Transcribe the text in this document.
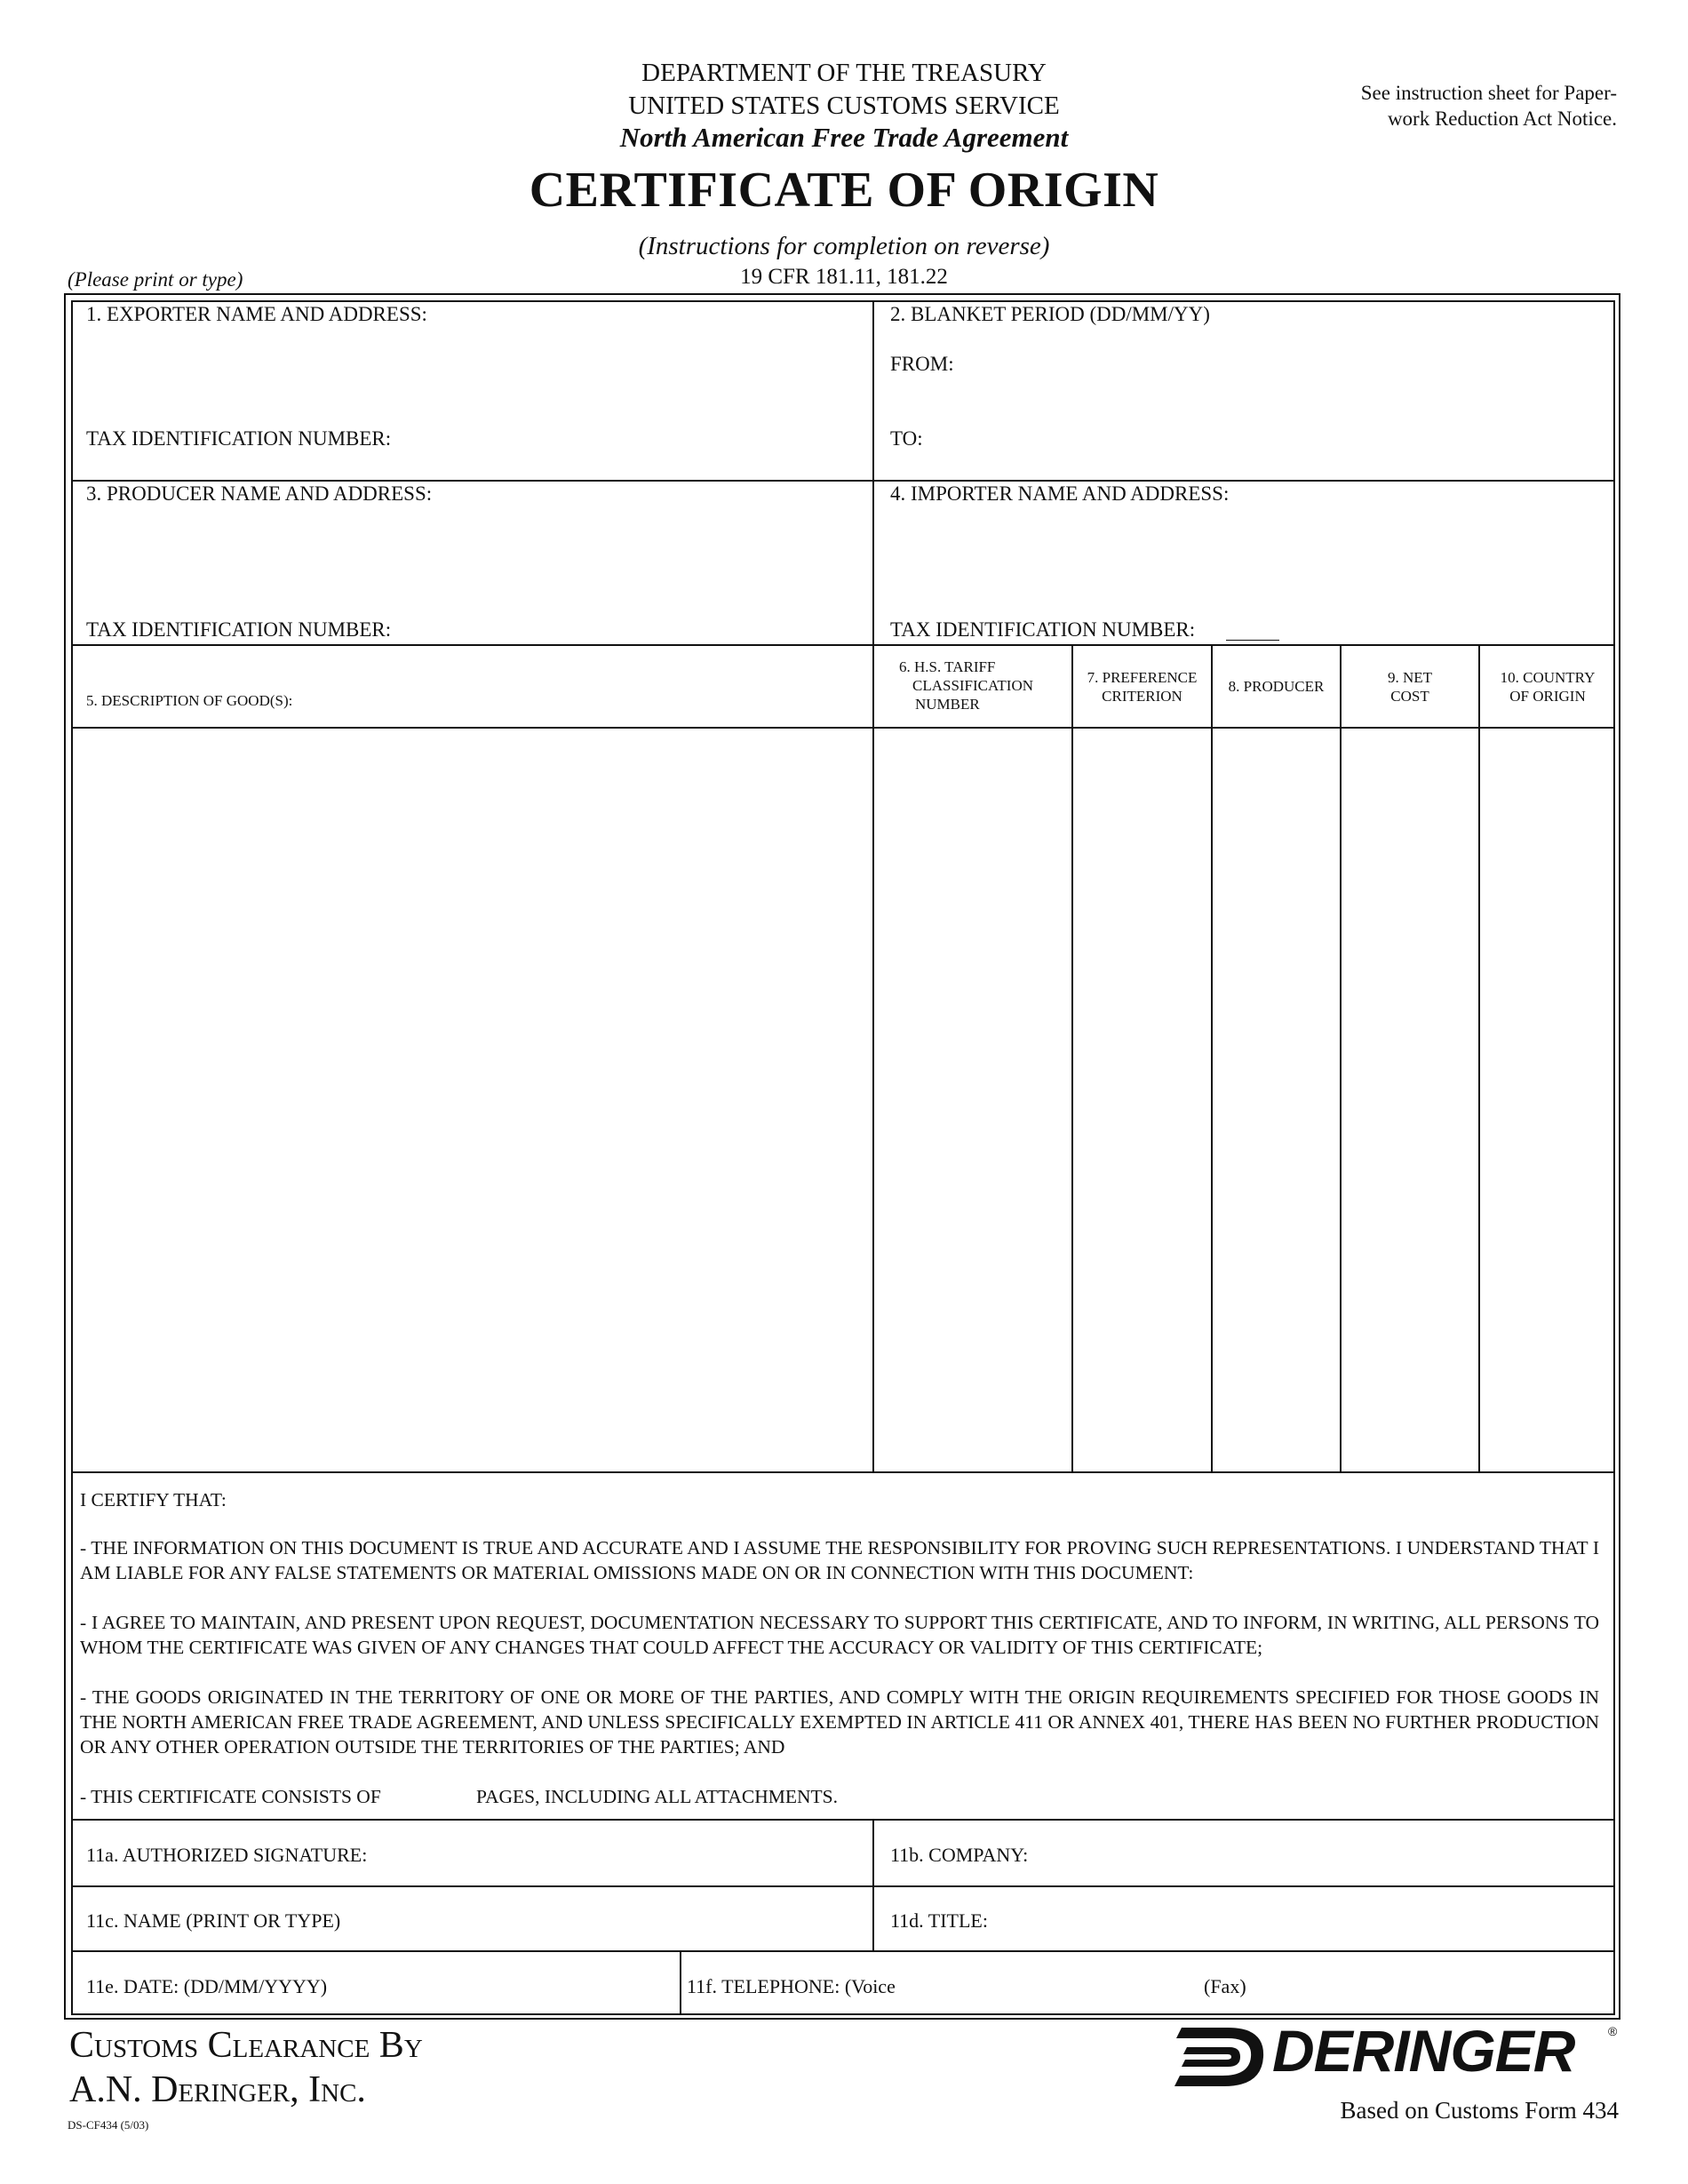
DEPARTMENT OF THE TREASURY
UNITED STATES CUSTOMS SERVICE
North American Free Trade Agreement
CERTIFICATE OF ORIGIN
(Instructions for completion on reverse)
19 CFR 181.11, 181.22
(Please print or type)
See instruction sheet for Paper-
work Reduction Act Notice.
1. EXPORTER NAME AND ADDRESS:
TAX IDENTIFICATION NUMBER:
2. BLANKET PERIOD (DD/MM/YY)
FROM:
TO:
3. PRODUCER NAME AND ADDRESS:
TAX IDENTIFICATION NUMBER:
4. IMPORTER NAME AND ADDRESS:
TAX IDENTIFICATION NUMBER:
5. DESCRIPTION OF GOOD(S):
6. H.S. TARIFF
CLASSIFICATION
NUMBER
7. PREFERENCE
CRITERION
8. PRODUCER
9. NET
COST
10. COUNTRY
OF ORIGIN
I CERTIFY THAT:
- THE INFORMATION ON THIS DOCUMENT IS TRUE AND ACCURATE AND I ASSUME THE RESPONSIBILITY FOR PROVING SUCH REPRESENTATIONS. I UNDERSTAND THAT I AM LIABLE FOR ANY FALSE STATEMENTS OR MATERIAL OMISSIONS MADE ON OR IN CONNECTION WITH THIS DOCUMENT:
- I AGREE TO MAINTAIN, AND PRESENT UPON REQUEST, DOCUMENTATION NECESSARY TO SUPPORT THIS CERTIFICATE, AND TO INFORM, IN WRITING, ALL PERSONS TO WHOM THE CERTIFICATE WAS GIVEN OF ANY CHANGES THAT COULD AFFECT THE ACCURACY OR VALIDITY OF THIS CERTIFICATE;
- THE GOODS ORIGINATED IN THE TERRITORY OF ONE OR MORE OF THE PARTIES, AND COMPLY WITH THE ORIGIN REQUIREMENTS SPECIFIED FOR THOSE GOODS IN THE NORTH AMERICAN FREE TRADE AGREEMENT, AND UNLESS SPECIFICALLY EXEMPTED IN ARTICLE 411 OR ANNEX 401, THERE HAS BEEN NO FURTHER PRODUCTION OR ANY OTHER OPERATION OUTSIDE THE TERRITORIES OF THE PARTIES; AND
- THIS CERTIFICATE CONSISTS OF	PAGES, INCLUDING ALL ATTACHMENTS.
11a. AUTHORIZED SIGNATURE:	11b. COMPANY:
11c. NAME (PRINT OR TYPE)	11d. TITLE:
11e. DATE: (DD/MM/YYYY)	11f. TELEPHONE: (Voice	(Fax)
Customs Clearance By
A.N. Deringer, Inc.
DS-CF434 (5/03)
DERINGER	®
Based on Customs Form 434
